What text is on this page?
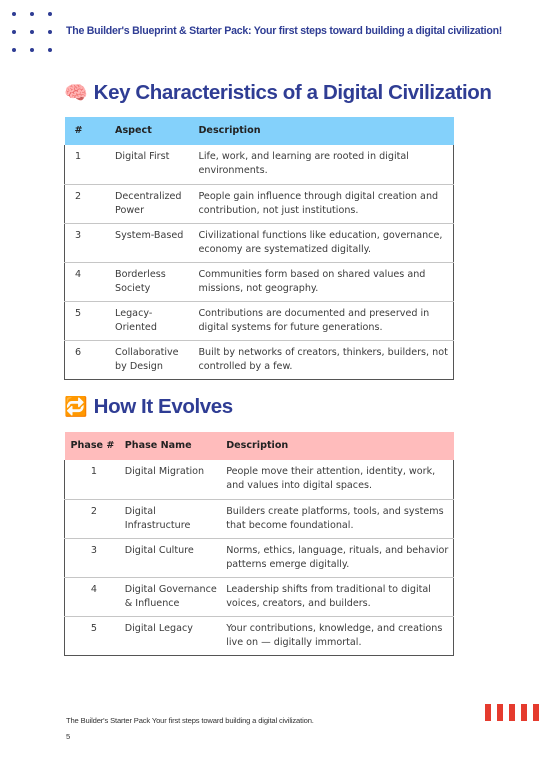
The Builder's Blueprint & Starter Pack: Your first steps toward building a digital civilization!
🧠 Key Characteristics of a Digital Civilization
#	Aspect	Description
1	Digital First	Life, work, and learning are rooted in digital environments.
2	Decentralized Power	People gain influence through digital creation and contribution, not just institutions.
3	System-Based	Civilizational functions like education, governance, economy are systematized digitally.
4	Borderless Society	Communities form based on shared values and missions, not geography.
5	Legacy-Oriented	Contributions are documented and preserved in digital systems for future generations.
6	Collaborative by Design	Built by networks of creators, thinkers, builders, not controlled by a few.
🔁 How It Evolves
Phase #	Phase Name	Description
1	Digital Migration	People move their attention, identity, work, and values into digital spaces.
2	Digital Infrastructure	Builders create platforms, tools, and systems that become foundational.
3	Digital Culture	Norms, ethics, language, rituals, and behavior patterns emerge digitally.
4	Digital Governance & Influence	Leadership shifts from traditional to digital voices, creators, and builders.
5	Digital Legacy	Your contributions, knowledge, and creations live on — digitally immortal.
The Builder's Starter Pack Your first steps toward building a digital civilization.
5
